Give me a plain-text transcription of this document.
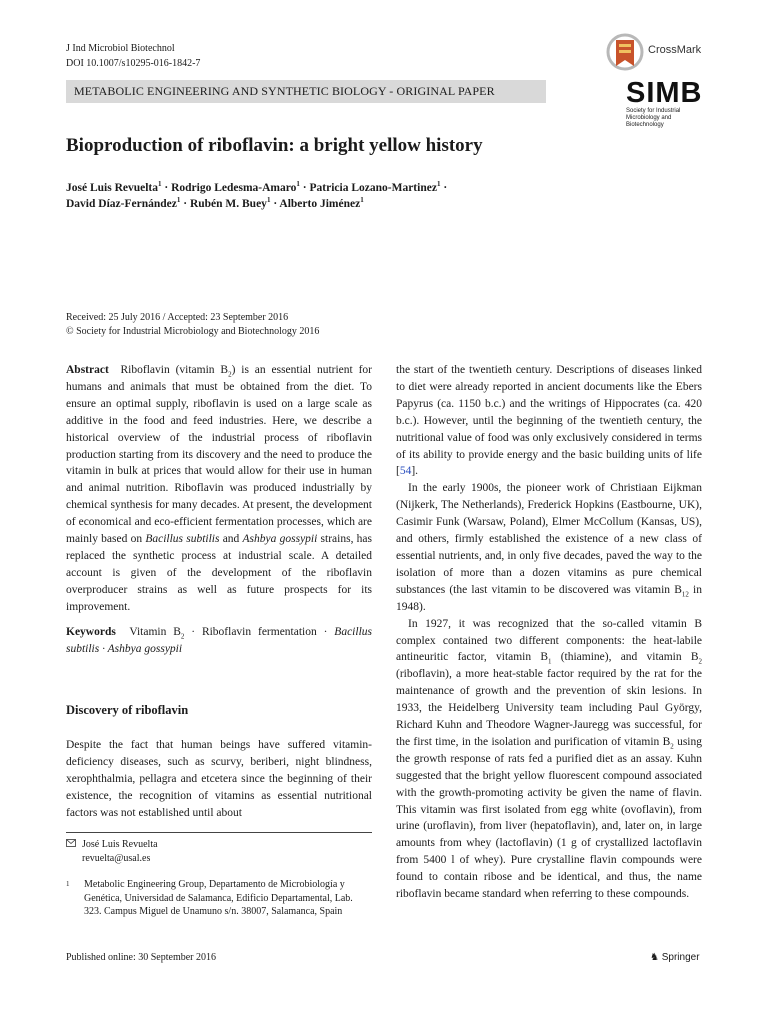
J Ind Microbiol Biotechnol
DOI 10.1007/s10295-016-1842-7
METABOLIC ENGINEERING AND SYNTHETIC BIOLOGY - ORIGINAL PAPER
CrossMark
SIMB
Society for Industrial Microbiology and Biotechnology
Bioproduction of riboflavin: a bright yellow history

José Luis Revuelta$^1$ · Rodrigo Ledesma-Amaro$^1$ · Patricia Lozano-Martinez$^1$ ·

David Díaz-Fernández$^1$ · Rubén M. Buey$^1$ · Alberto Jiménez$^1$

Received: 25 July 2016 / Accepted: 23 September 2016
© Society for Industrial Microbiology and Biotechnology 2016

Abstract Riboflavin (vitamin $B_2$) is an essential nutrient for humans and animals that must be obtained from the diet. To ensure an optimal supply, riboflavin is used on a large scale as additive in the food and feed industries. Here, we describe a historical overview of the industrial process of riboflavin production starting from its discovery and the need to produce the vitamin in bulk at prices that would allow for their use in human and animal nutrition. Riboflavin was produced industrially by chemical synthesis for many decades. At present, the development of economical and eco-efficient fermentation processes, which are mainly based on Bacillus subtilis and Ashbya gossypii strains, has replaced the synthetic process at industrial scale. A detailed account is given of the development of the riboflavin overproducer strains as well as future prospects for its improvement.

Keywords Vitamin $B_2$ · Riboflavin fermentation · Bacillus subtilis · Ashbya gossypii

Discovery of riboflavin

Despite the fact that human beings have suffered vitamin-deficiency diseases, such as scurvy, beriberi, night blindness, xerophthalmia, pellagra and etcetera since the beginning of their existence, the recognition of vitamins as essential nutritional factors was not established until about

José Luis Revuelta
revuelta@usal.es
1 Metabolic Engineering Group, Departamento de Microbiología y Genética, Universidad de Salamanca, Edificio Departamental, Lab. 323. Campus Miguel de Unamuno s/n. 38007, Salamanca, Spain

the start of the twentieth century. Descriptions of diseases linked to diet were already reported in ancient documents like the Ebers Papyrus (ca. 1150 b.c.) and the writings of Hippocrates (ca. 420 b.c.). However, until the beginning of the twentieth century, the nutritional value of food was only exclusively considered in terms of its ability to provide energy and the basic building units of life [54].

In the early 1900s, the pioneer work of Christiaan Eijkman (Nijkerk, The Netherlands), Frederick Hopkins (Eastbourne, UK), Casimir Funk (Warsaw, Poland), Elmer McCollum (Kansas, US), and others, firmly established the existence of a new class of essential nutrients, and, in only five decades, paved the way to the isolation of more than a dozen vitamins as pure chemical substances (the last vitamin to be discovered was vitamin $B_{12}$ in 1948).

In 1927, it was recognized that the so-called vitamin B complex contained two different components: the heat-labile antineuritic factor, vitamin $B_1$ (thiamine), and vitamin $B_2$ (riboflavin), a more heat-stable factor required by the rat for the maintenance of growth and the prevention of skin lesions. In 1933, the Heidelberg University team including Paul György, Richard Kuhn and Theodore Wagner-Jauregg was successful, for the first time, in the isolation and purification of vitamin $B_2$ using the growth response of rats fed a purified diet as an assay. Kuhn suggested that the bright yellow fluorescent compound associated with the growth-promoting activity be given the name of flavin. This vitamin was first isolated from egg white (ovoflavin), from urine (uroflavin), from liver (hepatoflavin), and, later on, in large amounts from whey (lactoflavin) (1 g of crystallized lactoflavin from 5400 l of whey). Pure crystalline flavin compounds were found to contain ribose and be identical, and thus, the name riboflavin became standard when referring to these compounds.

Published online: 30 September 2016	♞ Springer
